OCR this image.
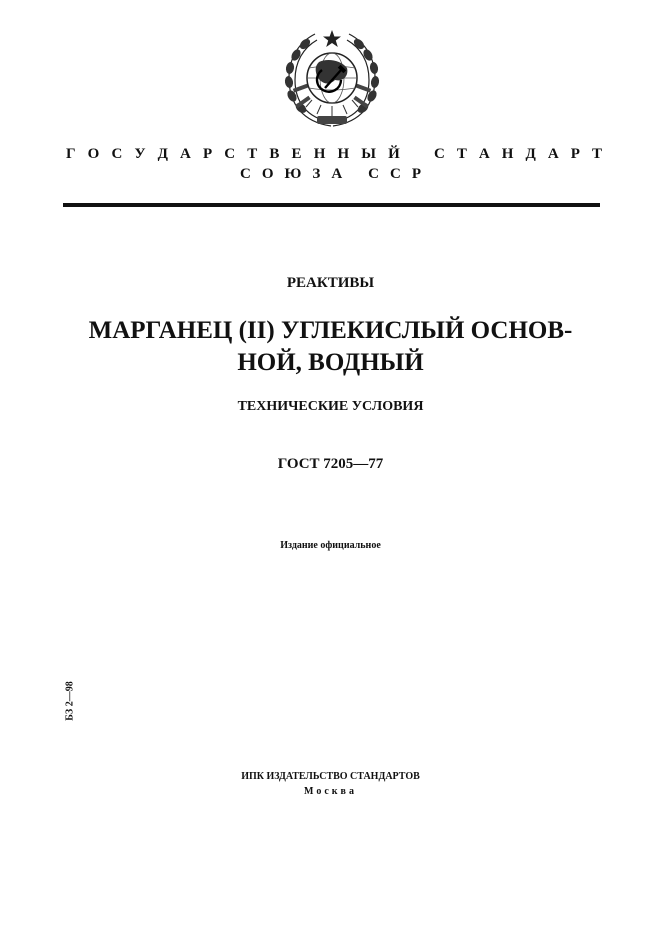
Г О С У Д А Р С Т В Е Н Н Ы Й С Т А Н Д А Р Т
С О Ю З А С С Р
РЕАКТИВЫ
МАРГАНЕЦ (II) УГЛЕКИСЛЫЙ ОСНОВ-
НОЙ, ВОДНЫЙ
ТЕХНИЧЕСКИЕ УСЛОВИЯ
ГОСТ 7205—77
Издание официальное
БЗ 2—98
ИПК ИЗДАТЕЛЬСТВО СТАНДАРТОВ
Москва
